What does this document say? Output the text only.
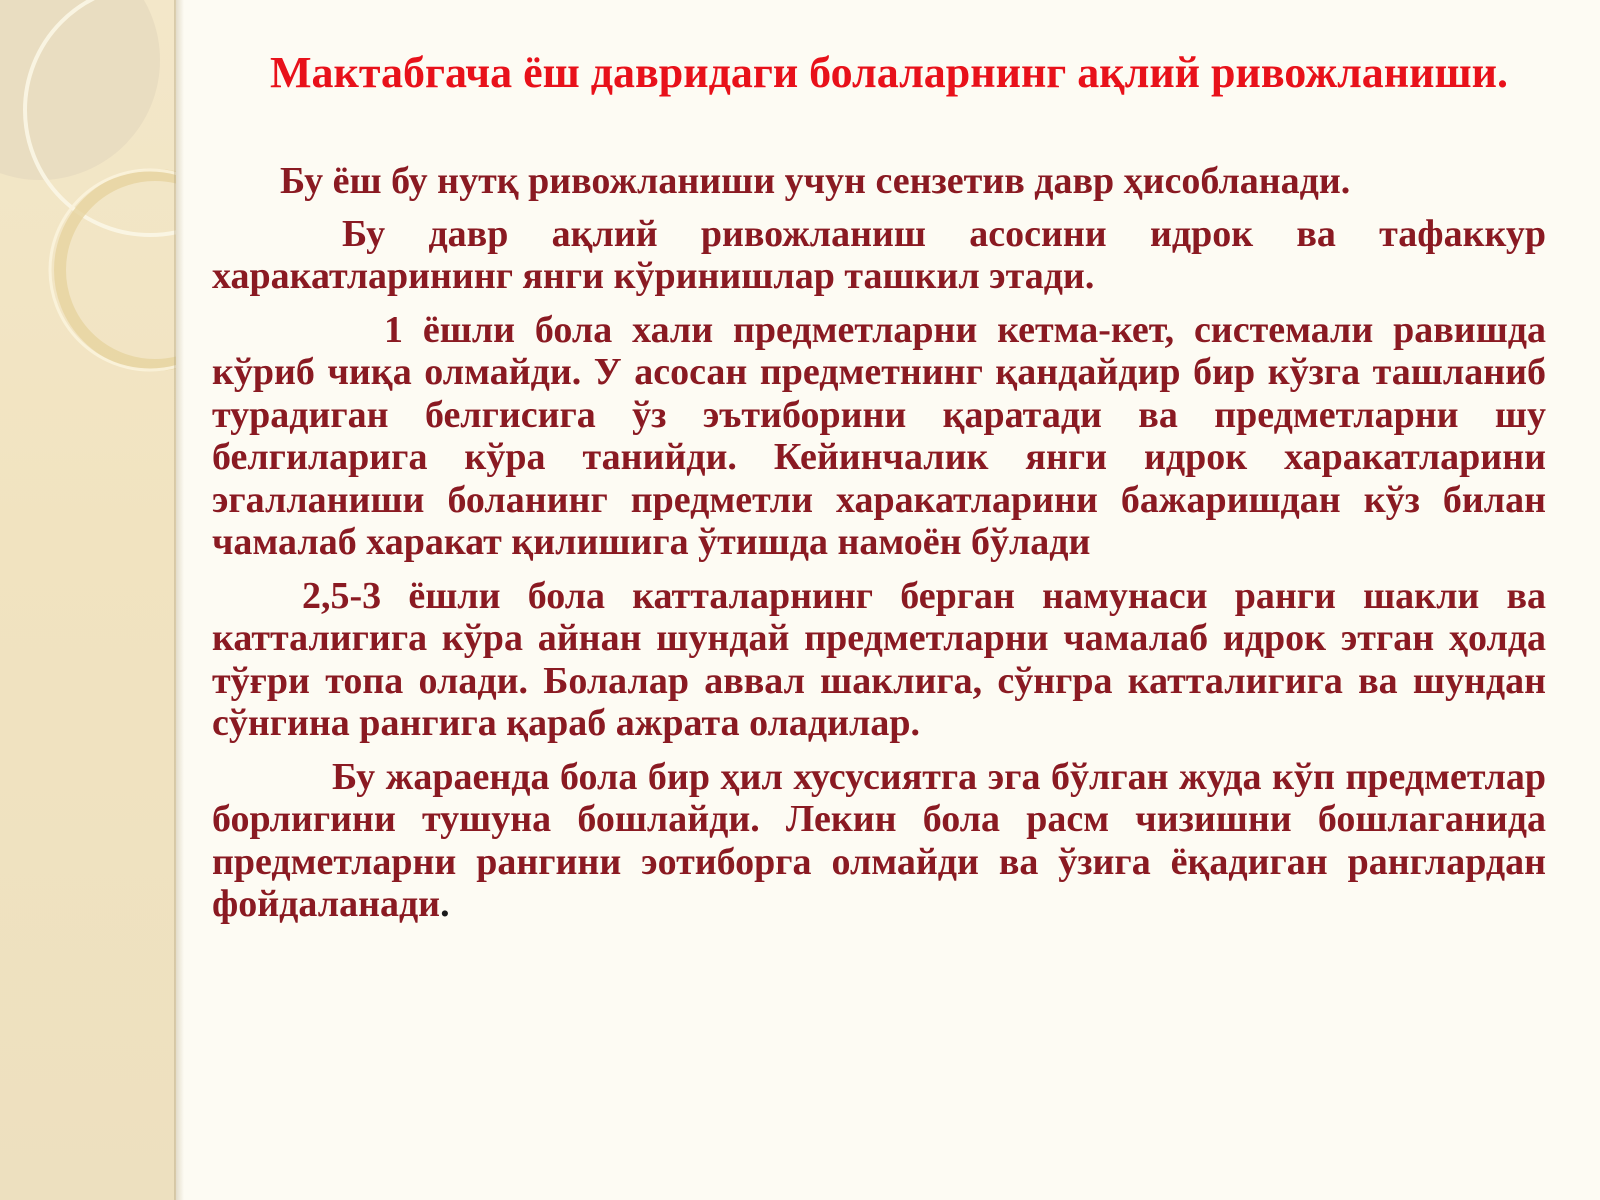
Мактабгача ёш давридаги болаларнинг ақлий ривожланиши.

Бу ёш бу нутқ ривожланиши учун сензетив давр ҳисобланади.

Бу давр ақлий ривожланиш асосини идрок ва тафаккур харакатларининг янги кўринишлар ташкил этади.

1 ёшли бола хали предметларни кетма-кет, системали равишда кўриб чиқа олмайди. У асосан предметнинг қандайдир бир кўзга ташланиб турадиган белгисига ўз эътиборини қаратади ва предметларни шу белгиларига кўра танийди. Кейинчалик янги идрок харакатларини эгалланиши боланинг предметли харакатларини бажаришдан кўз билан чамалаб харакат қилишига ўтишда намоён бўлади

2,5-3 ёшли бола катталарнинг берган намунаси ранги шакли ва катталигига кўра айнан шундай предметларни чамалаб идрок этган ҳолда тўғри топа олади. Болалар аввал шаклига, сўнгра катталигига ва шундан сўнгина рангига қараб ажрата оладилар.

Бу жараенда бола бир ҳил хусусиятга эга бўлган жуда кўп предметлар борлигини тушуна бошлайди. Лекин бола расм чизишни бошлаганида предметларни рангини эотиборга олмайди ва ўзига ёқадиган ранглардан фойдаланади.
